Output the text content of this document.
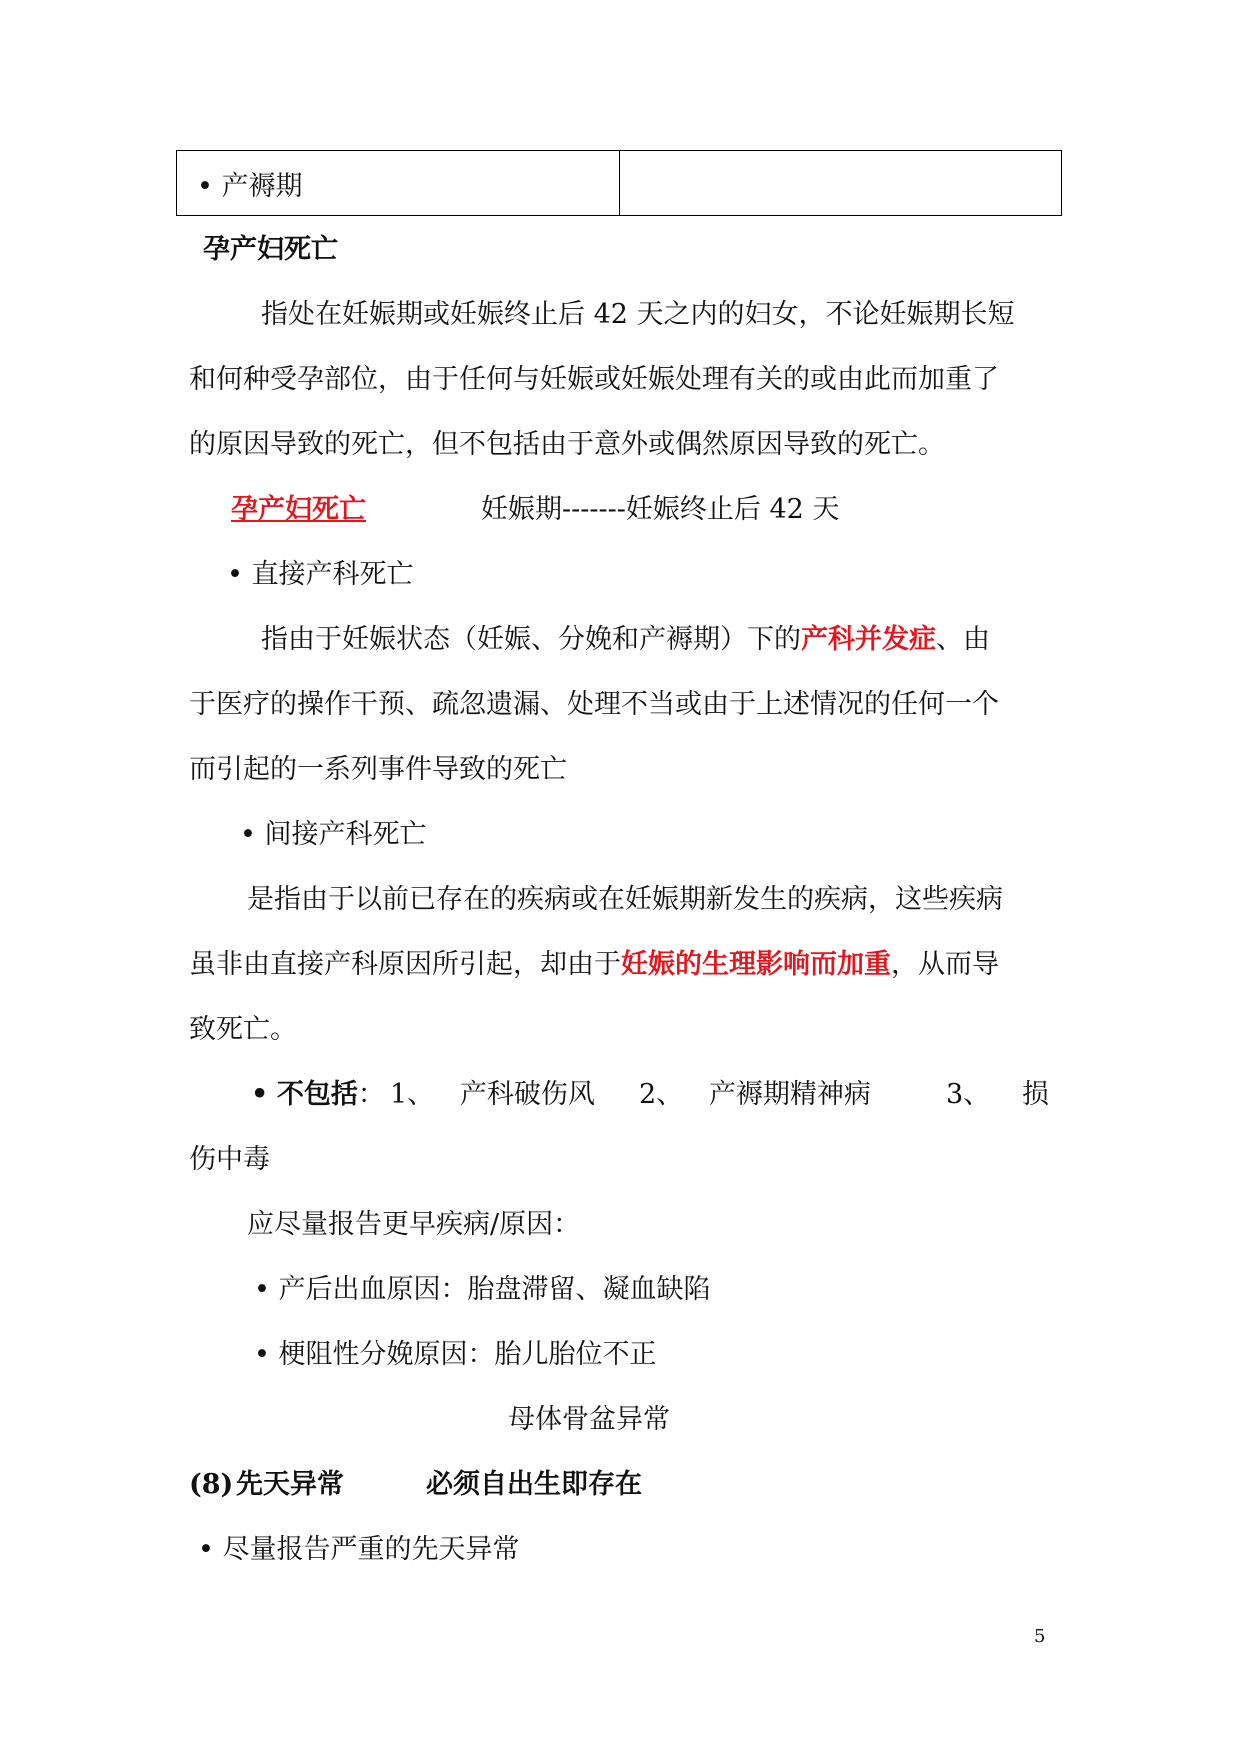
• 产褥期	
孕产妇死亡
指处在妊娠期或妊娠终止后 42 天之内的妇女，不论妊娠期长短
和何种受孕部位，由于任何与妊娠或妊娠处理有关的或由此而加重了
的原因导致的死亡，但不包括由于意外或偶然原因导致的死亡。
孕产妇死亡	妊娠期-------妊娠终止后 42 天
• 直接产科死亡
指由于妊娠状态（妊娠、分娩和产褥期）下的产科并发症、由
于医疗的操作干预、疏忽遗漏、处理不当或由于上述情况的任何一个
而引起的一系列事件导致的死亡
• 间接产科死亡
是指由于以前已存在的疾病或在妊娠期新发生的疾病，这些疾病
虽非由直接产科原因所引起，却由于妊娠的生理影响而加重，从而导
致死亡。
• 不包括： 1、   产科破伤风 2、   产褥期精神病	3、 损
伤中毒
应尽量报告更早疾病/原因：
• 产后出血原因：胎盘滞留、凝血缺陷
• 梗阻性分娩原因：胎儿胎位不正
母体骨盆异常
(8) 先天异常	必须自出生即存在
• 尽量报告严重的先天异常
5
